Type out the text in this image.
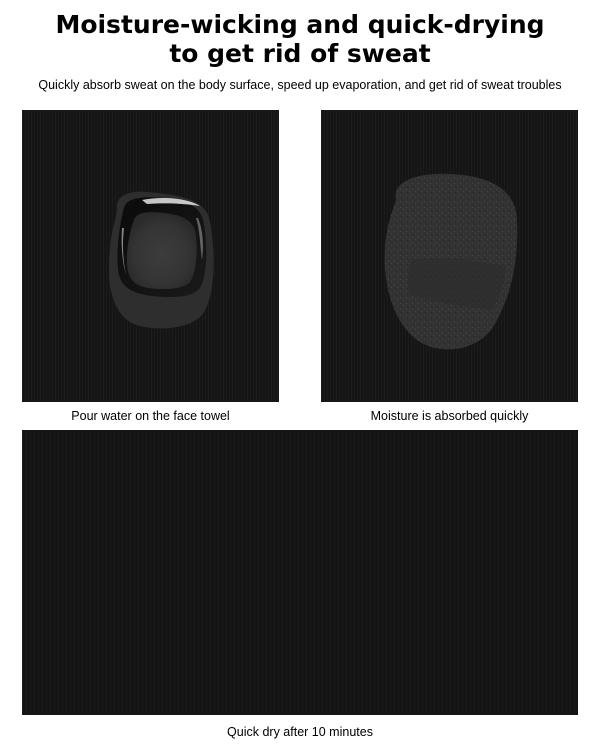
Moisture-wicking and quick-drying
to get rid of sweat

Quickly absorb sweat on the body surface, speed up evaporation, and get rid of sweat troubles

Pour water on the face towel	Moisture is absorbed quickly

Quick dry after 10 minutes
